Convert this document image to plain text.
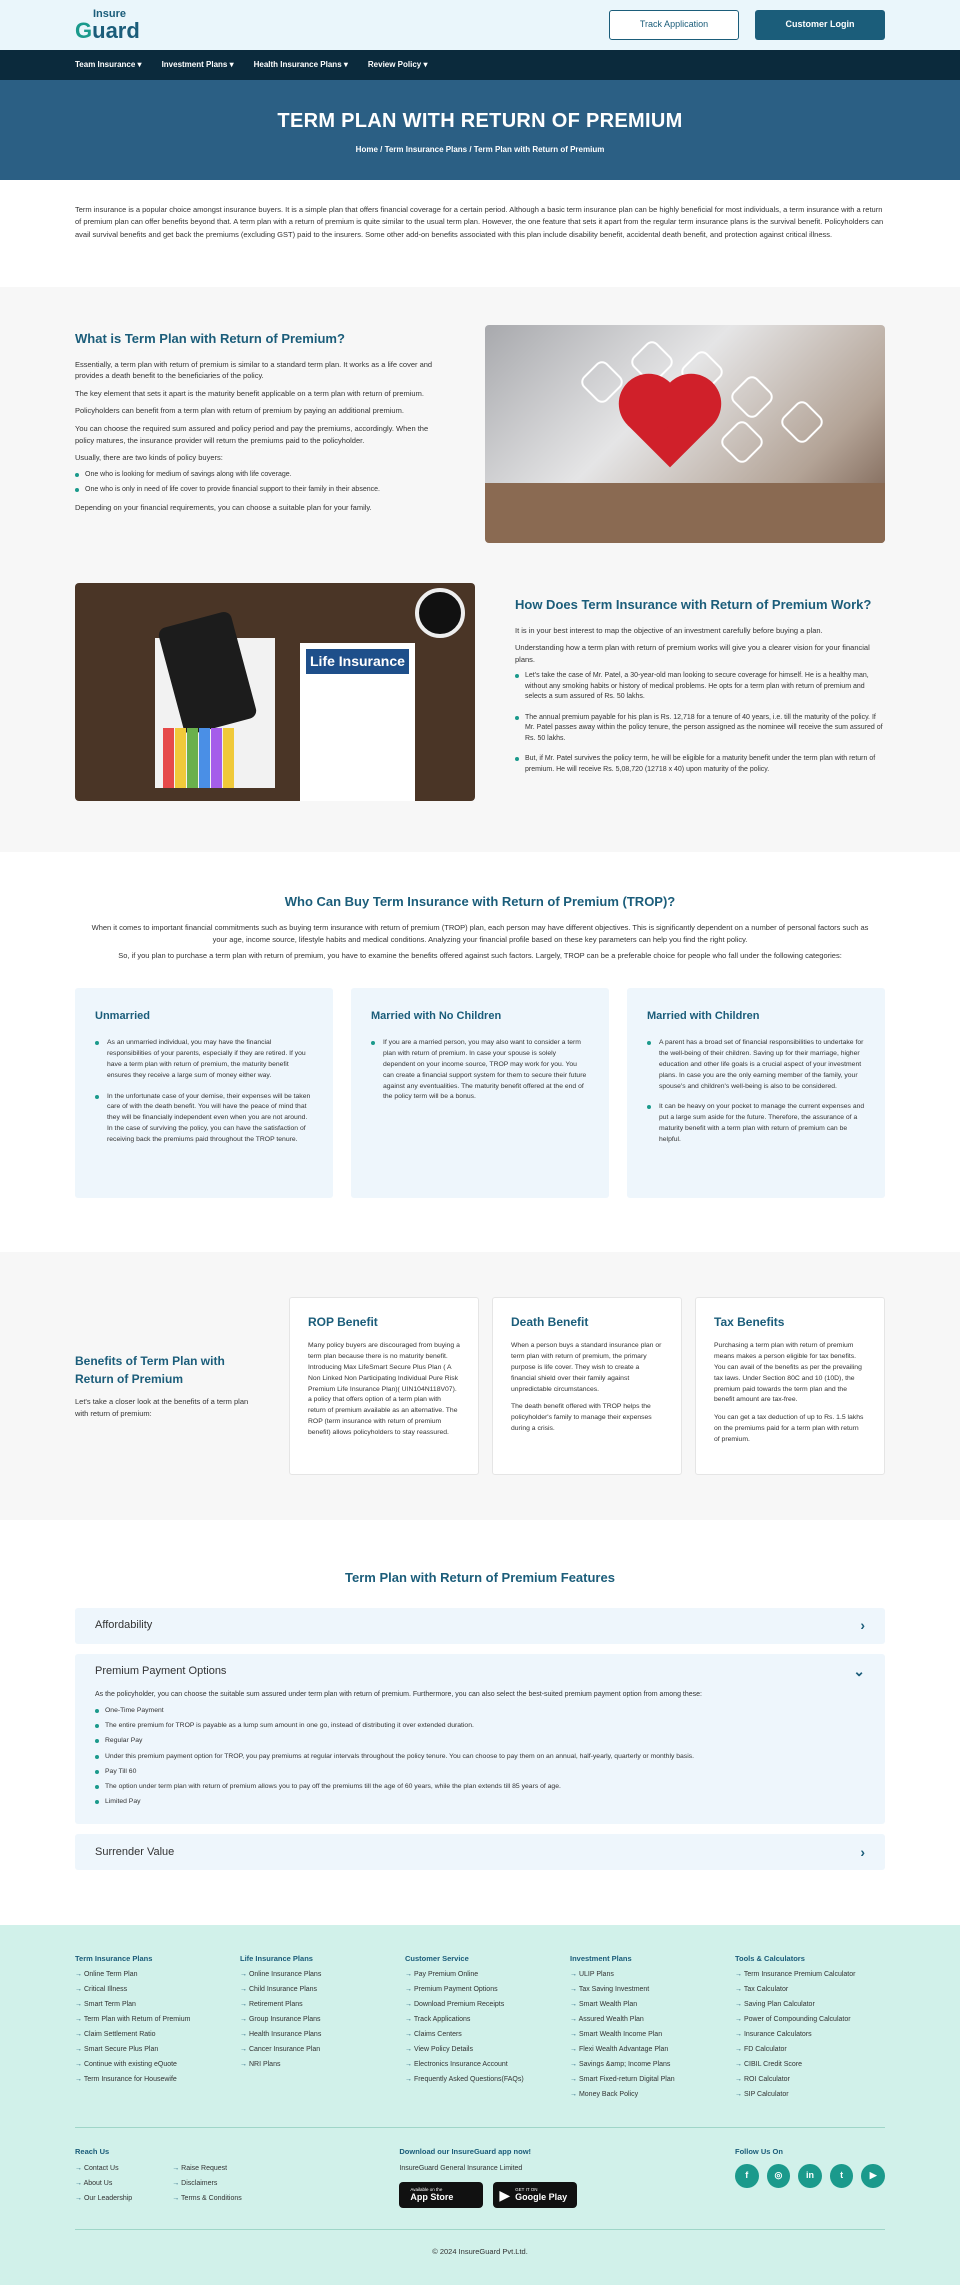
Insure
Guard	Track Application	Customer Login
Team Insurance ▾	Investment Plans ▾	Health Insurance Plans ▾	Review Policy ▾
TERM PLAN WITH RETURN OF PREMIUM
Home / Term Insurance Plans / Term Plan with Return of Premium

Term insurance is a popular choice amongst insurance buyers. It is a simple plan that offers financial coverage for a certain period. Although a basic term insurance plan can be highly beneficial for most individuals, a term insurance with a return of premium plan can offer benefits beyond that. A term plan with a return of premium is quite similar to the usual term plan. However, the one feature that sets it apart from the regular term insurance plans is the survival benefit. Policyholders can avail survival benefits and get back the premiums (excluding GST) paid to the insurers. Some other add-on benefits associated with this plan include disability benefit, accidental death benefit, and protection against critical illness.

What is Term Plan with Return of Premium?

Essentially, a term plan with return of premium is similar to a standard term plan. It works as a life cover and provides a death benefit to the beneficiaries of the policy.

The key element that sets it apart is the maturity benefit applicable on a term plan with return of premium.

Policyholders can benefit from a term plan with return of premium by paying an additional premium.

You can choose the required sum assured and policy period and pay the premiums, accordingly. When the policy matures, the insurance provider will return the premiums paid to the policyholder.

Usually, there are two kinds of policy buyers:

One who is looking for medium of savings along with life coverage.
One who is only in need of life cover to provide financial support to their family in their absence.

Depending on your financial requirements, you can choose a suitable plan for your family.

Life Insurance
How Does Term Insurance with Return of Premium Work?

It is in your best interest to map the objective of an investment carefully before buying a plan.

Understanding how a term plan with return of premium works will give you a clearer vision for your financial plans.

Let's take the case of Mr. Patel, a 30-year-old man looking to secure coverage for himself. He is a healthy man, without any smoking habits or history of medical problems. He opts for a term plan with return of premium and selects a sum assured of Rs. 50 lakhs.
The annual premium payable for his plan is Rs. 12,718 for a tenure of 40 years, i.e. till the maturity of the policy. If Mr. Patel passes away within the policy tenure, the person assigned as the nominee will receive the sum assured of Rs. 50 lakhs.
But, if Mr. Patel survives the policy term, he will be eligible for a maturity benefit under the term plan with return of premium. He will receive Rs. 5,08,720 (12718 x 40) upon maturity of the policy.
Who Can Buy Term Insurance with Return of Premium (TROP)?

When it comes to important financial commitments such as buying term insurance with return of premium (TROP) plan, each person may have different objectives. This is significantly dependent on a number of personal factors such as your age, income source, lifestyle habits and medical conditions. Analyzing your financial profile based on these key parameters can help you find the right policy.

So, if you plan to purchase a term plan with return of premium, you have to examine the benefits offered against such factors. Largely, TROP can be a preferable choice for people who fall under the following categories:

Unmarried
As an unmarried individual, you may have the financial responsibilities of your parents, especially if they are retired. If you have a term plan with return of premium, the maturity benefit ensures they receive a large sum of money either way.
In the unfortunate case of your demise, their expenses will be taken care of with the death benefit. You will have the peace of mind that they will be financially independent even when you are not around. In the case of surviving the policy, you can have the satisfaction of receiving back the premiums paid throughout the TROP tenure.
Married with No Children
If you are a married person, you may also want to consider a term plan with return of premium. In case your spouse is solely dependent on your income source, TROP may work for you. You can create a financial support system for them to secure their future against any eventualities. The maturity benefit offered at the end of the policy term will be a bonus.
Married with Children
A parent has a broad set of financial responsibilities to undertake for the well-being of their children. Saving up for their marriage, higher education and other life goals is a crucial aspect of your investment plans. In case you are the only earning member of the family, your spouse's and children's well-being is also to be considered.
It can be heavy on your pocket to manage the current expenses and put a large sum aside for the future. Therefore, the assurance of a maturity benefit with a term plan with return of premium can be helpful.
Benefits of Term Plan with Return of Premium

Let's take a closer look at the benefits of a term plan with return of premium:

ROP Benefit

Many policy buyers are discouraged from buying a term plan because there is no maturity benefit. Introducing Max LifeSmart Secure Plus Plan ( A Non Linked Non Participating Individual Pure Risk Premium Life Insurance Plan)( UIN104N118V07). a policy that offers option of a term plan with return of premium available as an alternative. The ROP (term insurance with return of premium benefit) allows policyholders to stay reassured.

Death Benefit

When a person buys a standard insurance plan or term plan with return of premium, the primary purpose is life cover. They wish to create a financial shield over their family against unpredictable circumstances.

The death benefit offered with TROP helps the policyholder's family to manage their expenses during a crisis.

Tax Benefits

Purchasing a term plan with return of premium means makes a person eligible for tax benefits. You can avail of the benefits as per the prevailing tax laws. Under Section 80C and 10 (10D), the premium paid towards the term plan and the benefit amount are tax-free.

You can get a tax deduction of up to Rs. 1.5 lakhs on the premiums paid for a term plan with return of premium.

Term Plan with Return of Premium Features
Affordability	›
Premium Payment Options	⌄

As the policyholder, you can choose the suitable sum assured under term plan with return of premium. Furthermore, you can also select the best-suited premium payment option from among these:

One-Time Payment
The entire premium for TROP is payable as a lump sum amount in one go, instead of distributing it over extended duration.
Regular Pay
Under this premium payment option for TROP, you pay premiums at regular intervals throughout the policy tenure. You can choose to pay them on an annual, half-yearly, quarterly or monthly basis.
Pay Till 60
The option under term plan with return of premium allows you to pay off the premiums till the age of 60 years, while the plan extends till 85 years of age.
Limited Pay
Surrender Value	›
Term Insurance Plans
→ Online Term Plan
→ Critical Illness
→ Smart Term Plan
→ Term Plan with Return of Premium
→ Claim Settlement Ratio
→ Smart Secure Plus Plan
→ Continue with existing eQuote
→ Term Insurance for Housewife
Life Insurance Plans
→ Online Insurance Plans
→ Child Insurance Plans
→ Retirement Plans
→ Group Insurance Plans
→ Health Insurance Plans
→ Cancer Insurance Plan
→ NRI Plans
Customer Service
→ Pay Premium Online
→ Premium Payment Options
→ Download Premium Receipts
→ Track Applications
→ Claims Centers
→ View Policy Details
→ Electronics Insurance Account
→ Frequently Asked Questions(FAQs)
Investment Plans
→ ULIP Plans
→ Tax Saving Investment
→ Smart Wealth Plan
→ Assured Wealth Plan
→ Smart Wealth Income Plan
→ Flexi Wealth Advantage Plan
→ Savings &amp; Income Plans
→ Smart Fixed-return Digital Plan
→ Money Back Policy
Tools & Calculators
→ Term Insurance Premium Calculator
→ Tax Calculator
→ Saving Plan Calculator
→ Power of Compounding Calculator
→ Insurance Calculators
→ FD Calculator
→ CIBIL Credit Score
→ ROI Calculator
→ SIP Calculator
Reach Us
→ Contact Us
→ About Us
→ Our Leadership
→ Raise Request
→ Disclaimers
→ Terms & Conditions
Download our InsureGuard app now!

InsureGuard General Insurance Limited

Available on the
App Store	▶ GET IT ON
Google Play
Follow Us On
f	◎	in	t	▶
© 2024 InsureGuard Pvt.Ltd.
